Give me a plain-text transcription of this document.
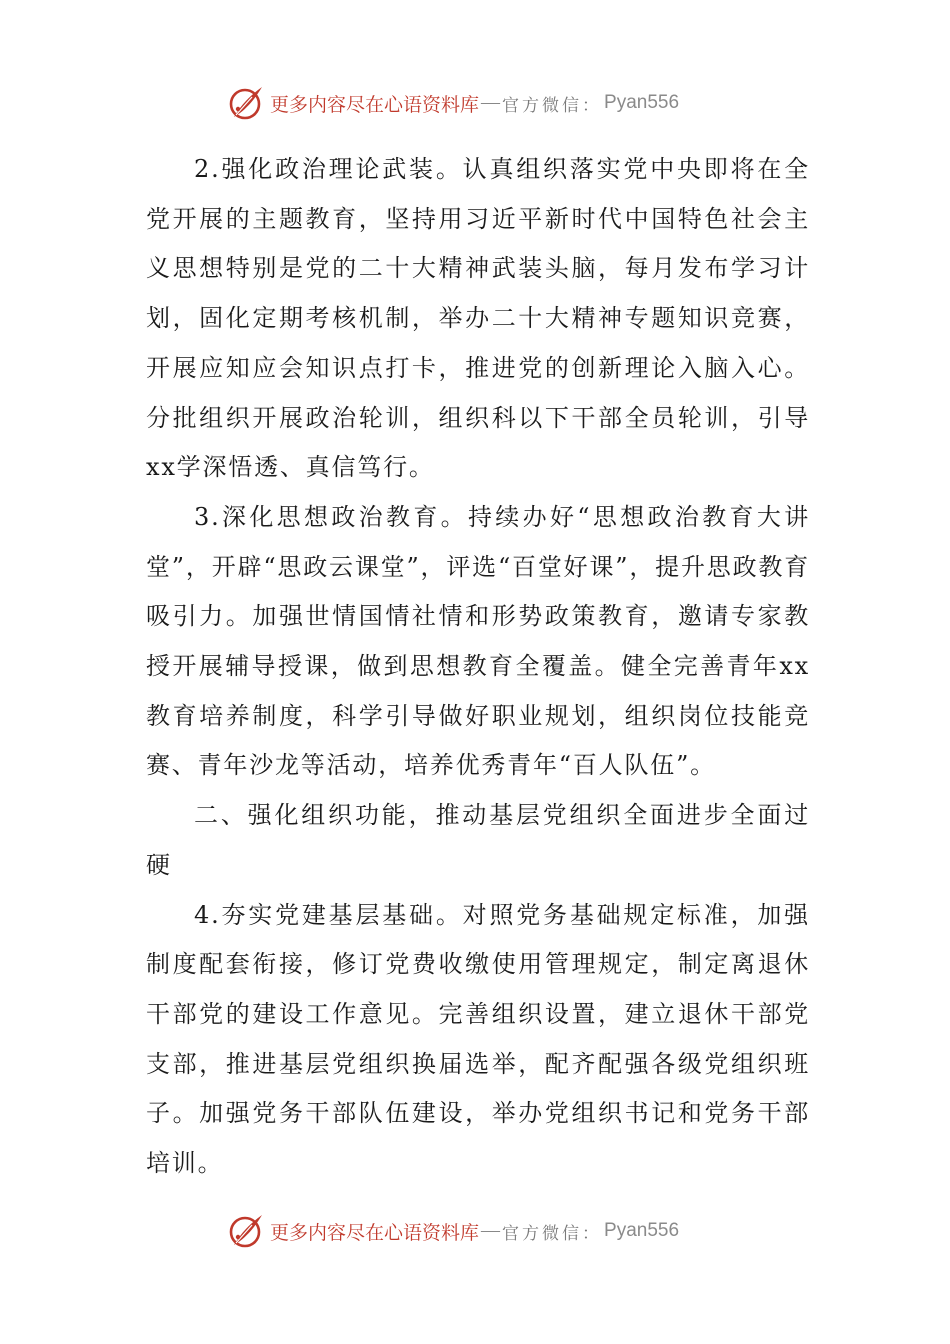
更多内容尽在心语资料库 — 官方微信： Pyan556

2.强化政治理论武装。认真组织落实党中央即将在全党开展的主题教育，坚持用习近平新时代中国特色社会主义思想特别是党的二十大精神武装头脑，每月发布学习计划，固化定期考核机制，举办二十大精神专题知识竞赛，开展应知应会知识点打卡，推进党的创新理论入脑入心。分批组织开展政治轮训，组织科以下干部全员轮训，引导xx学深悟透、真信笃行。

3.深化思想政治教育。持续办好“思想政治教育大讲堂”，开辟“思政云课堂”，评选“百堂好课”，提升思政教育吸引力。加强世情国情社情和形势政策教育，邀请专家教授开展辅导授课，做到思想教育全覆盖。健全完善青年xx教育培养制度，科学引导做好职业规划，组织岗位技能竞赛、青年沙龙等活动，培养优秀青年“百人队伍”。

二、强化组织功能，推动基层党组织全面进步全面过硬

4.夯实党建基层基础。对照党务基础规定标准，加强制度配套衔接，修订党费收缴使用管理规定，制定离退休干部党的建设工作意见。完善组织设置，建立退休干部党支部，推进基层党组织换届选举，配齐配强各级党组织班子。加强党务干部队伍建设，举办党组织书记和党务干部培训。

更多内容尽在心语资料库 — 官方微信： Pyan556
